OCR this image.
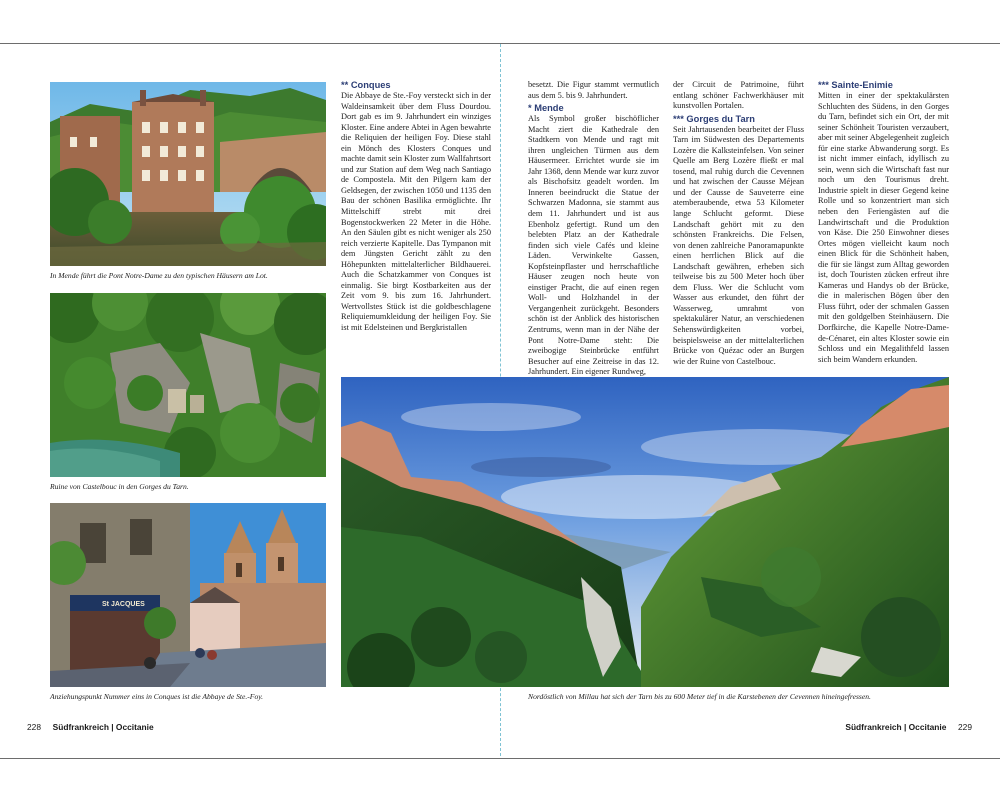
In Mende führt die Pont Notre-Dame zu den typischen Häusern am Lot.
Ruine von Castelbouc in den Gorges du Tarn.
St JACQUES
Anziehungspunkt Nummer eins in Conques ist die Abbaye de Ste.-Foy.
** Conques

Die Abbaye de Ste.-Foy versteckt sich in der Waldeinsamkeit über dem Fluss Dourdou. Dort gab es im 9. Jahrhundert ein winziges Kloster. Eine andere Abtei in Agen bewahrte die Reliquien der heiligen Foy. Diese stahl ein Mönch des Klosters Conques und machte damit sein Kloster zum Wallfahrtsort und zur Station auf dem Weg nach Santiago de Compostela. Mit den Pilgern kam der Geldsegen, der zwischen 1050 und 1135 den Bau der schönen Basilika ermöglichte. Ihr Mittelschiff strebt mit drei Bogenstockwerken 22 Meter in die Höhe. An den Säulen gibt es nicht weniger als 250 reich verzierte Kapitelle. Das Tympanon mit dem Jüngsten Gericht zählt zu den Höhepunkten mittelalterlicher Bildhauerei. Auch die Schatzkammer von Conques ist einmalig. Sie birgt Kostbarkeiten aus der Zeit vom 9. bis zum 16. Jahrhundert. Wertvollstes Stück ist die goldbeschlagene Reliquiemumkleidung der heiligen Foy. Sie ist mit Edelsteinen und Bergkristallen

besetzt. Die Figur stammt vermutlich aus dem 5. bis 9. Jahrhundert.

* Mende

Als Symbol großer bischöflicher Macht ziert die Kathedrale den Stadtkern von Mende und ragt mit ihren ungleichen Türmen aus dem Häusermeer. Errichtet wurde sie im Jahr 1368, denn Mende war kurz zuvor als Bischofsitz geadelt worden. Im Inneren beeindruckt die Statue der Schwarzen Madonna, sie stammt aus dem 11. Jahrhundert und ist aus Ebenholz gefertigt. Rund um den belebten Platz an der Kathedrale finden sich viele Cafés und kleine Läden. Verwinkelte Gassen, Kopfsteinpflaster und herrschaftliche Häuser zeugen noch heute von einstiger Pracht, die auf einen regen Woll- und Holzhandel in der Vergangenheit zurückgeht. Besonders schön ist der Anblick des historischen Zentrums, wenn man in der Nähe der Pont Notre-Dame steht: Die zweibogige Steinbrücke entführt Besucher auf eine Zeitreise in das 12. Jahrhundert. Ein eigener Rundweg,

der Circuit de Patrimoine, führt entlang schöner Fachwerkhäuser mit kunstvollen Portalen.

*** Gorges du Tarn

Seit Jahrtausenden bearbeitet der Fluss Tarn im Südwesten des Departements Lozère die Kalksteinfelsen. Von seiner Quelle am Berg Lozère fließt er mal tosend, mal ruhig durch die Cevennen und hat zwischen der Causse Méjean und der Causse de Sauveterre eine atemberaubende, etwa 53 Kilometer lange Schlucht geformt. Diese Landschaft gehört mit zu den schönsten Frankreichs. Die Felsen, von denen zahlreiche Panoramapunkte einen herrlichen Blick auf die Landschaft gewähren, erheben sich teilweise bis zu 500 Meter hoch über dem Fluss. Wer die Schlucht vom Wasser aus erkundet, den führt der Wasserweg, umrahmt von spektakulärer Natur, an verschiedenen Sehenswürdigkeiten vorbei, beispielsweise an der mittelalterlichen Brücke von Quézac oder an Burgen wie der Ruine von Castelbouc.

*** Sainte-Enimie

Mitten in einer der spektakulärsten Schluchten des Südens, in den Gorges du Tarn, befindet sich ein Ort, der mit seiner Schönheit Touristen verzaubert, aber mit seiner Abgelegenheit zugleich für eine starke Abwanderung sorgt. Es ist nicht immer einfach, idyllisch zu sein, wenn sich die Wirtschaft fast nur noch um den Tourismus dreht. Industrie spielt in dieser Gegend keine Rolle und so konzentriert man sich neben den Feriengästen auf die Landwirtschaft und die Produktion von Käse. Die 250 Einwohner dieses Ortes mögen vielleicht kaum noch einen Blick für die Schönheit haben, die für sie längst zum Alltag geworden ist, doch Touristen zücken erfreut ihre Kameras und Handys ob der Brücke, die in malerischen Bögen über den Fluss führt, oder der schmalen Gassen mit den goldgelben Steinhäusern. Die Dorfkirche, die Kapelle Notre-Dame-de-Cénaret, ein altes Kloster sowie ein Schloss und ein Megalithfeld lassen sich beim Wandern erkunden.

Nordöstlich von Millau hat sich der Tarn bis zu 600 Meter tief in die Karstebenen der Cevennen hineingefressen.
228 Südfrankreich | Occitanie	Südfrankreich | Occitanie 229
